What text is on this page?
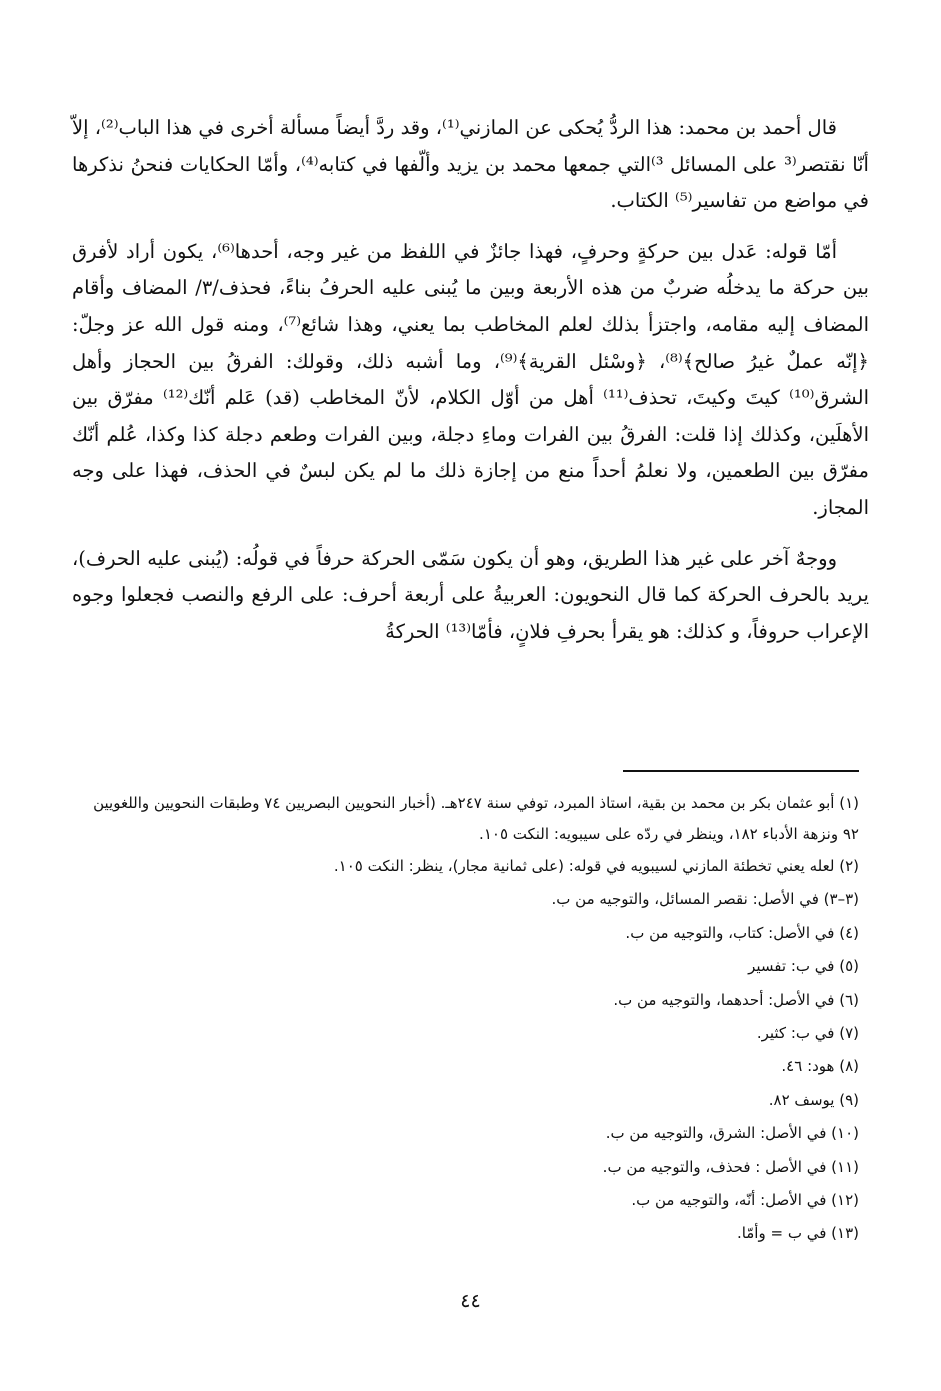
قال أحمد بن محمد: هذا الردُّ يُحكى عن المازني⁽¹⁾، وقد ردَّ أيضاً مسألة أخرى في هذا الباب⁽²⁾، إلاّ أنّا نقتصر⁽³ على المسائل ³⁾التي جمعها محمد بن يزيد وألّفها في كتابه⁽⁴⁾، وأمّا الحكايات فنحنُ نذكرها في مواضع من تفاسير⁽⁵⁾ الكتاب.

أمّا قوله: عَدل بين حركةٍ وحرفٍ، فهذا جائزٌ في اللفظ من غير وجه، أحدها⁽⁶⁾، يكون أراد لأفرق بين حركة ما يدخلُه ضربٌ من هذه الأربعة وبين ما يُبنى عليه الحرفُ بناءً، فحذف/٣/ المضاف وأقام المضاف إليه مقامه، واجتزأ بذلك لعلم المخاطب بما يعني، وهذا شائع⁽⁷⁾، ومنه قول الله عز وجلّ: ﴿إنّه عملٌ غيرُ صالح﴾⁽⁸⁾، ﴿وسْئل القرية﴾⁽⁹⁾، وما أشبه ذلك، وقولك: الفرقُ بين الحجاز وأهل الشرق⁽¹⁰⁾ كيتَ وكيتَ، تحذف⁽¹¹⁾ أهل من أوّل الكلام، لأنّ المخاطب (قد) عَلم أنّك⁽¹²⁾ مفرّق بين الأهلَين، وكذلك إذا قلت: الفرقُ بين الفرات وماءِ دجلة، وبين الفرات وطعم دجلة كذا وكذا، عُلم أنّك مفرّق بين الطعمين، ولا نعلمُ أحداً منع من إجازة ذلك ما لم يكن لبسٌ في الحذف، فهذا على وجه المجاز.

ووجهٌ آخر على غير هذا الطريق، وهو أن يكون سَمّى الحركة حرفاً في قولُه: (يُبنى عليه الحرف)، يريد بالحرف الحركة كما قال النحويون: العربيةُ على أربعة أحرف: على الرفع والنصب فجعلوا وجوه الإعراب حروفاً، و كذلك: هو يقرأ بحرفِ فلانٍ، فأمّا⁽¹³⁾ الحركةُ

(١) أبو عثمان بكر بن محمد بن بقية، استاذ المبرد، توفي سنة ٢٤٧هـ. (أخبار النحويين البصريين ٧٤ وطبقات النحويين واللغويين ٩٢ ونزهة الأدباء ١٨٢، وينظر في ردّه على سيبويه: النكت ١٠٥.
(٢) لعله يعني تخطئة المازني لسيبويه في قوله: (على ثمانية مجار)، ينظر: النكت ١٠٥.
(٣–٣) في الأصل: نقصر المسائل، والتوجيه من ب.
(٤) في الأصل: كتاب، والتوجيه من ب.
(٥) في ب: تفسير
(٦) في الأصل: أحدهما، والتوجيه من ب.
(٧) في ب: كثير.
(٨) هود: ٤٦.
(٩) يوسف ٨٢.
(١٠) في الأصل: الشرق، والتوجيه من ب.
(١١) في الأصل : فحذف، والتوجيه من ب.
(١٢) في الأصل: أنّه، والتوجيه من ب.
(١٣) في ب = وأمّا.
٤٤
